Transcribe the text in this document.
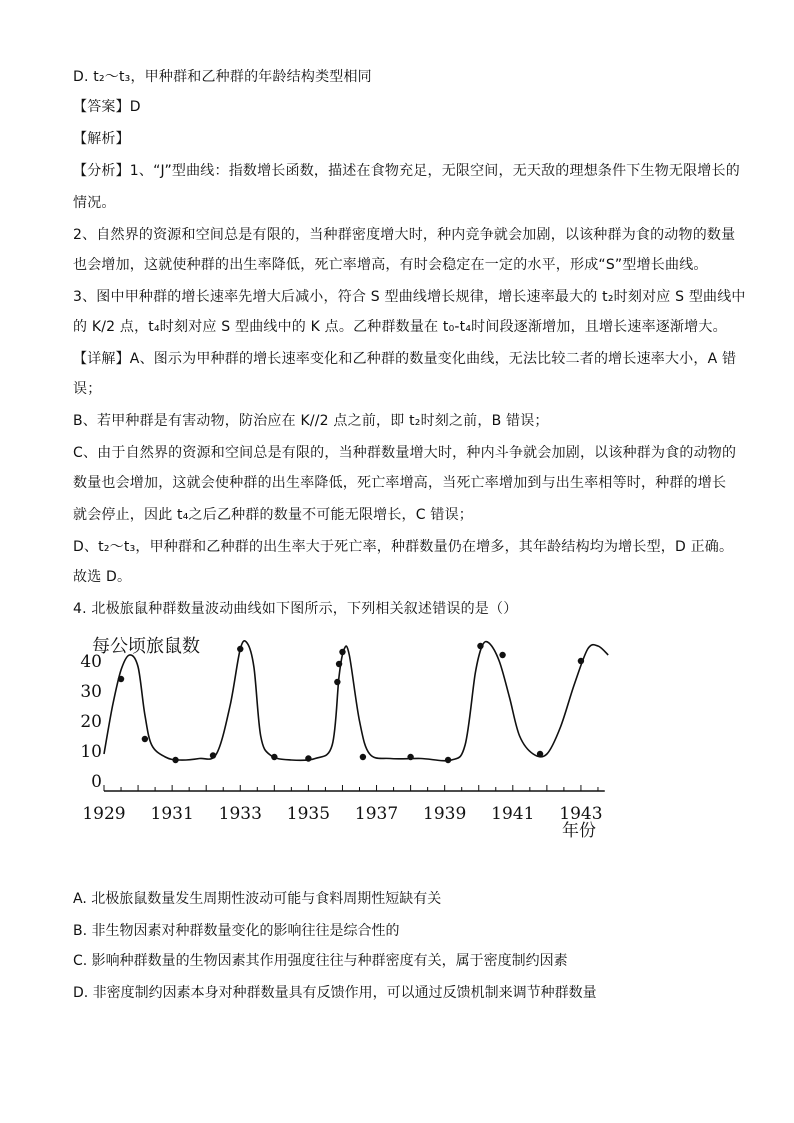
D. t₂～t₃，甲种群和乙种群的年龄结构类型相同
【答案】D
【解析】
【分析】1、“J”型曲线：指数增长函数，描述在食物充足，无限空间，无天敌的理想条件下生物无限增长的
情况。
2、自然界的资源和空间总是有限的，当种群密度增大时，种内竞争就会加剧，以该种群为食的动物的数量
也会增加，这就使种群的出生率降低，死亡率增高，有时会稳定在一定的水平，形成“S”型增长曲线。
3、图中甲种群的增长速率先增大后减小，符合 S 型曲线增长规律，增长速率最大的 t₂时刻对应 S 型曲线中
的 K/2 点，t₄时刻对应 S 型曲线中的 K 点。乙种群数量在 t₀-t₄时间段逐渐增加，且增长速率逐渐增大。
【详解】A、图示为甲种群的增长速率变化和乙种群的数量变化曲线，无法比较二者的增长速率大小，A 错
误；
B、若甲种群是有害动物，防治应在 K//2 点之前，即 t₂时刻之前，B 错误；
C、由于自然界的资源和空间总是有限的，当种群数量增大时，种内斗争就会加剧，以该种群为食的动物的
数量也会增加，这就会使种群的出生率降低，死亡率增高，当死亡率增加到与出生率相等时，种群的增长
就会停止，因此 t₄之后乙种群的数量不可能无限增长，C 错误；
D、t₂～t₃，甲种群和乙种群的出生率大于死亡率，种群数量仍在增多，其年龄结构均为增长型，D 正确。
故选 D。
4. 北极旅鼠种群数量波动曲线如下图所示，下列相关叙述错误的是（）
每公顷旅鼠数
0
10
20
30
40
1929 1931 1933 1935 1937 1939 1941 1943
年份
A. 北极旅鼠数量发生周期性波动可能与食料周期性短缺有关
B. 非生物因素对种群数量变化的影响往往是综合性的
C. 影响种群数量的生物因素其作用强度往往与种群密度有关，属于密度制约因素
D. 非密度制约因素本身对种群数量具有反馈作用，可以通过反馈机制来调节种群数量
